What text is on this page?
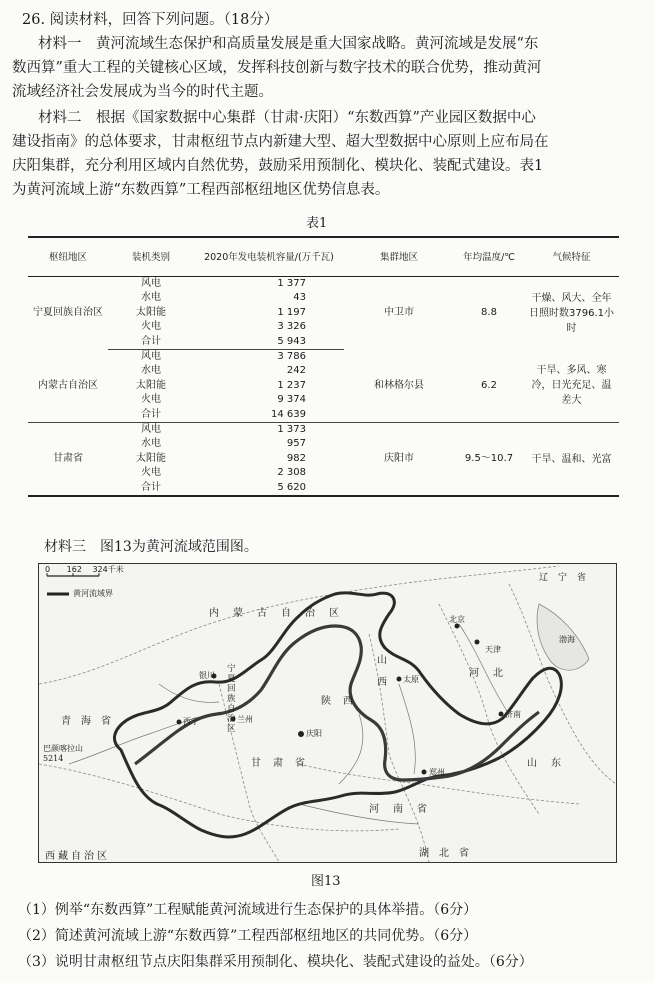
26. 阅读材料，回答下列问题。（18分）
材料一　黄河流域生态保护和高质量发展是重大国家战略。黄河流域是发展“东
数西算”重大工程的关键核心区域，发挥科技创新与数字技术的联合优势，推动黄河
流域经济社会发展成为当今的时代主题。
材料二　根据《国家数据中心集群（甘肃·庆阳）“东数西算”产业园区数据中心
建设指南》的总体要求，甘肃枢纽节点内新建大型、超大型数据中心原则上应布局在
庆阳集群，充分利用区域内自然优势，鼓励采用预制化、模块化、装配式建设。表1
为黄河流域上游“东数西算”工程西部枢纽地区优势信息表。
表1
枢纽地区	装机类别	2020年发电装机容量/(万千瓦)	集群地区	年均温度/℃	气候特征
宁夏回族自治区	风电	1 377	中卫市	8.8	干燥、风大、全年日照时数3796.1小时
	水电	43			
	太阳能	1 197			
	火电	3 326			
	合计	5 943			
内蒙古自治区	风电	3 786	和林格尔县	6.2	干旱、多风、寒冷，日光充足、温差大
	水电	242			
	太阳能	1 237			
	火电	9 374			
	合计	14 639			
甘肃省	风电	1 373	庆阳市	9.5～10.7	干旱、温和、光富
	水电	957			
	太阳能	982			
	火电	2 308			
	合计	5 620			
材料三　图13为黄河流域范围图。
0 162 324千米
黄河流域界
内蒙古自治区
青海省
西藏自治区
宁夏回族自治区
陕西
山西
甘肃省
河南省
湖北省
山东
河北
辽宁省
北京
天津
太原
郑州
庆阳
兰州
西宁
银川
济南
渤海
巴颜喀拉山5214
图13
（1）例举“东数西算”工程赋能黄河流域进行生态保护的具体举措。（6分）
（2）简述黄河流域上游“东数西算”工程西部枢纽地区的共同优势。（6分）
（3）说明甘肃枢纽节点庆阳集群采用预制化、模块化、装配式建设的益处。（6分）
